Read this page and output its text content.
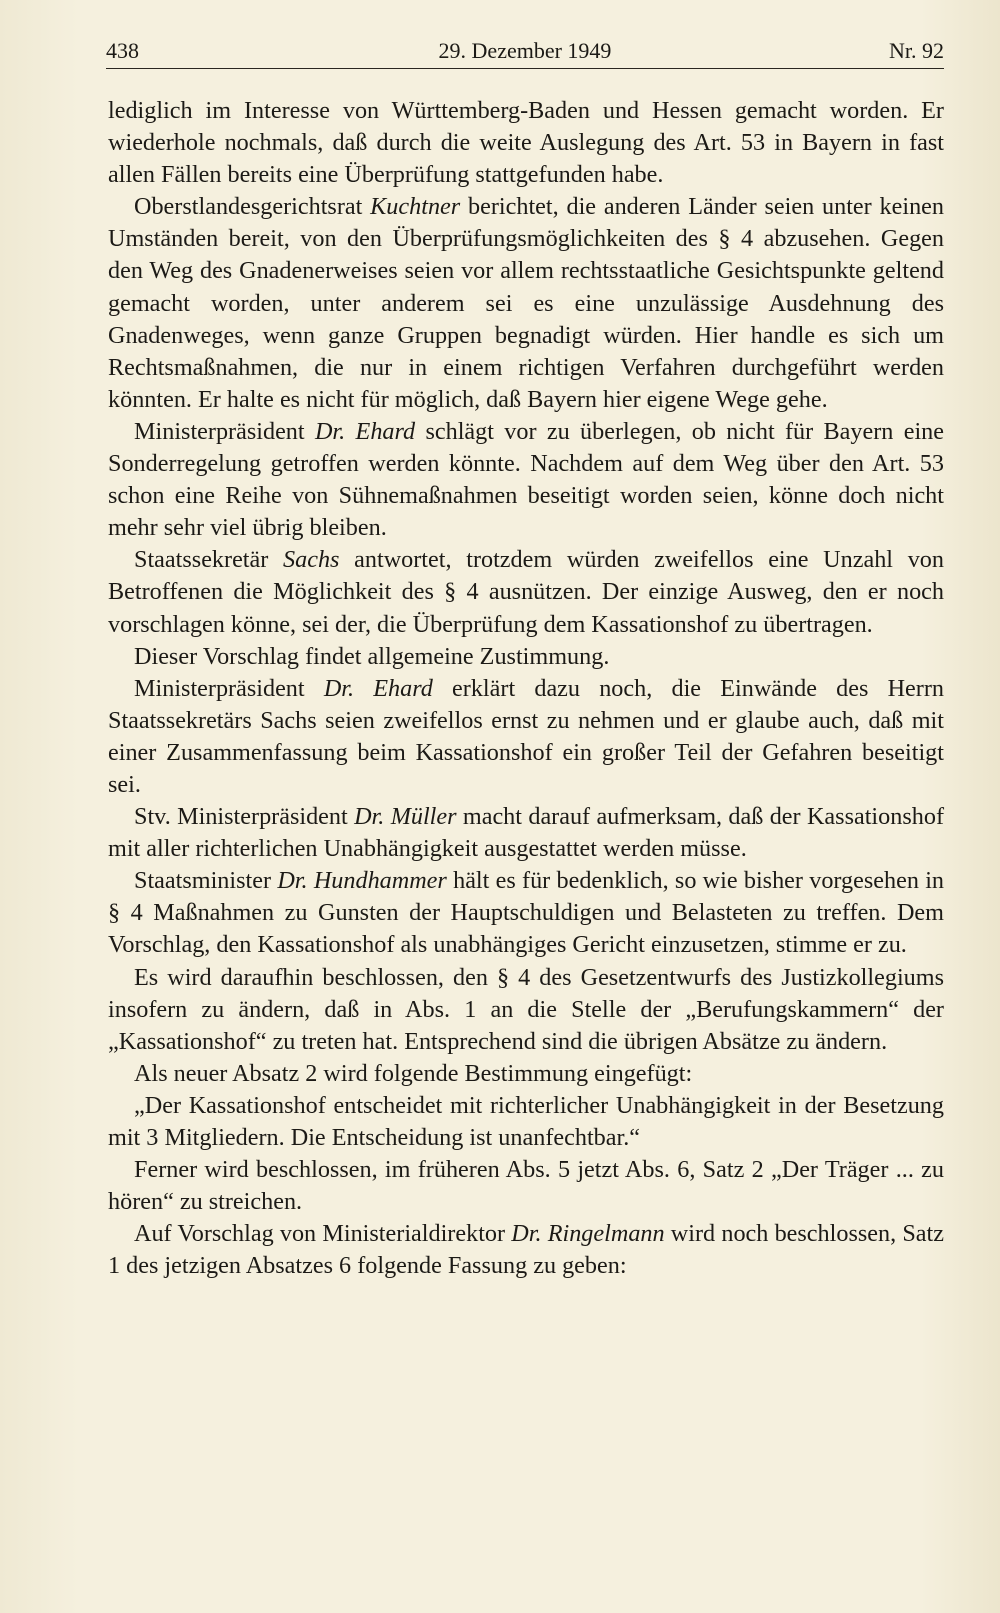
438	29. Dezember 1949	Nr. 92

lediglich im Interesse von Württemberg-Baden und Hessen gemacht worden. Er wiederhole nochmals, daß durch die weite Auslegung des Art. 53 in Bayern in fast allen Fällen bereits eine Überprüfung stattgefunden habe.

Oberstlandesgerichtsrat Kuchtner berichtet, die anderen Länder seien unter keinen Umständen bereit, von den Überprüfungsmöglichkeiten des § 4 abzusehen. Gegen den Weg des Gnadenerweises seien vor allem rechtsstaatliche Gesichtspunkte geltend gemacht worden, unter anderem sei es eine unzulässige Ausdehnung des Gnadenweges, wenn ganze Gruppen begnadigt würden. Hier handle es sich um Rechtsmaßnahmen, die nur in einem richtigen Verfahren durchgeführt werden könnten. Er halte es nicht für möglich, daß Bayern hier eigene Wege gehe.

Ministerpräsident Dr. Ehard schlägt vor zu überlegen, ob nicht für Bayern eine Sonderregelung getroffen werden könnte. Nachdem auf dem Weg über den Art. 53 schon eine Reihe von Sühnemaßnahmen beseitigt worden seien, könne doch nicht mehr sehr viel übrig bleiben.

Staatssekretär Sachs antwortet, trotzdem würden zweifellos eine Unzahl von Betroffenen die Möglichkeit des § 4 ausnützen. Der einzige Ausweg, den er noch vorschlagen könne, sei der, die Überprüfung dem Kassationshof zu übertragen.

Dieser Vorschlag findet allgemeine Zustimmung.

Ministerpräsident Dr. Ehard erklärt dazu noch, die Einwände des Herrn Staatssekretärs Sachs seien zweifellos ernst zu nehmen und er glaube auch, daß mit einer Zusammenfassung beim Kassationshof ein großer Teil der Gefahren beseitigt sei.

Stv. Ministerpräsident Dr. Müller macht darauf aufmerksam, daß der Kassationshof mit aller richterlichen Unabhängigkeit ausgestattet werden müsse.

Staatsminister Dr. Hundhammer hält es für bedenklich, so wie bisher vorgesehen in § 4 Maßnahmen zu Gunsten der Hauptschuldigen und Belasteten zu treffen. Dem Vorschlag, den Kassationshof als unabhängiges Gericht einzusetzen, stimme er zu.

Es wird daraufhin beschlossen, den § 4 des Gesetzentwurfs des Justizkollegiums insofern zu ändern, daß in Abs. 1 an die Stelle der „Berufungskammern“ der „Kassationshof“ zu treten hat. Entsprechend sind die übrigen Absätze zu ändern.

Als neuer Absatz 2 wird folgende Bestimmung eingefügt:

„Der Kassationshof entscheidet mit richterlicher Unabhängigkeit in der Besetzung mit 3 Mitgliedern. Die Entscheidung ist unanfechtbar.“

Ferner wird beschlossen, im früheren Abs. 5 jetzt Abs. 6, Satz 2 „Der Träger ... zu hören“ zu streichen.

Auf Vorschlag von Ministerialdirektor Dr. Ringelmann wird noch beschlossen, Satz 1 des jetzigen Absatzes 6 folgende Fassung zu geben:
